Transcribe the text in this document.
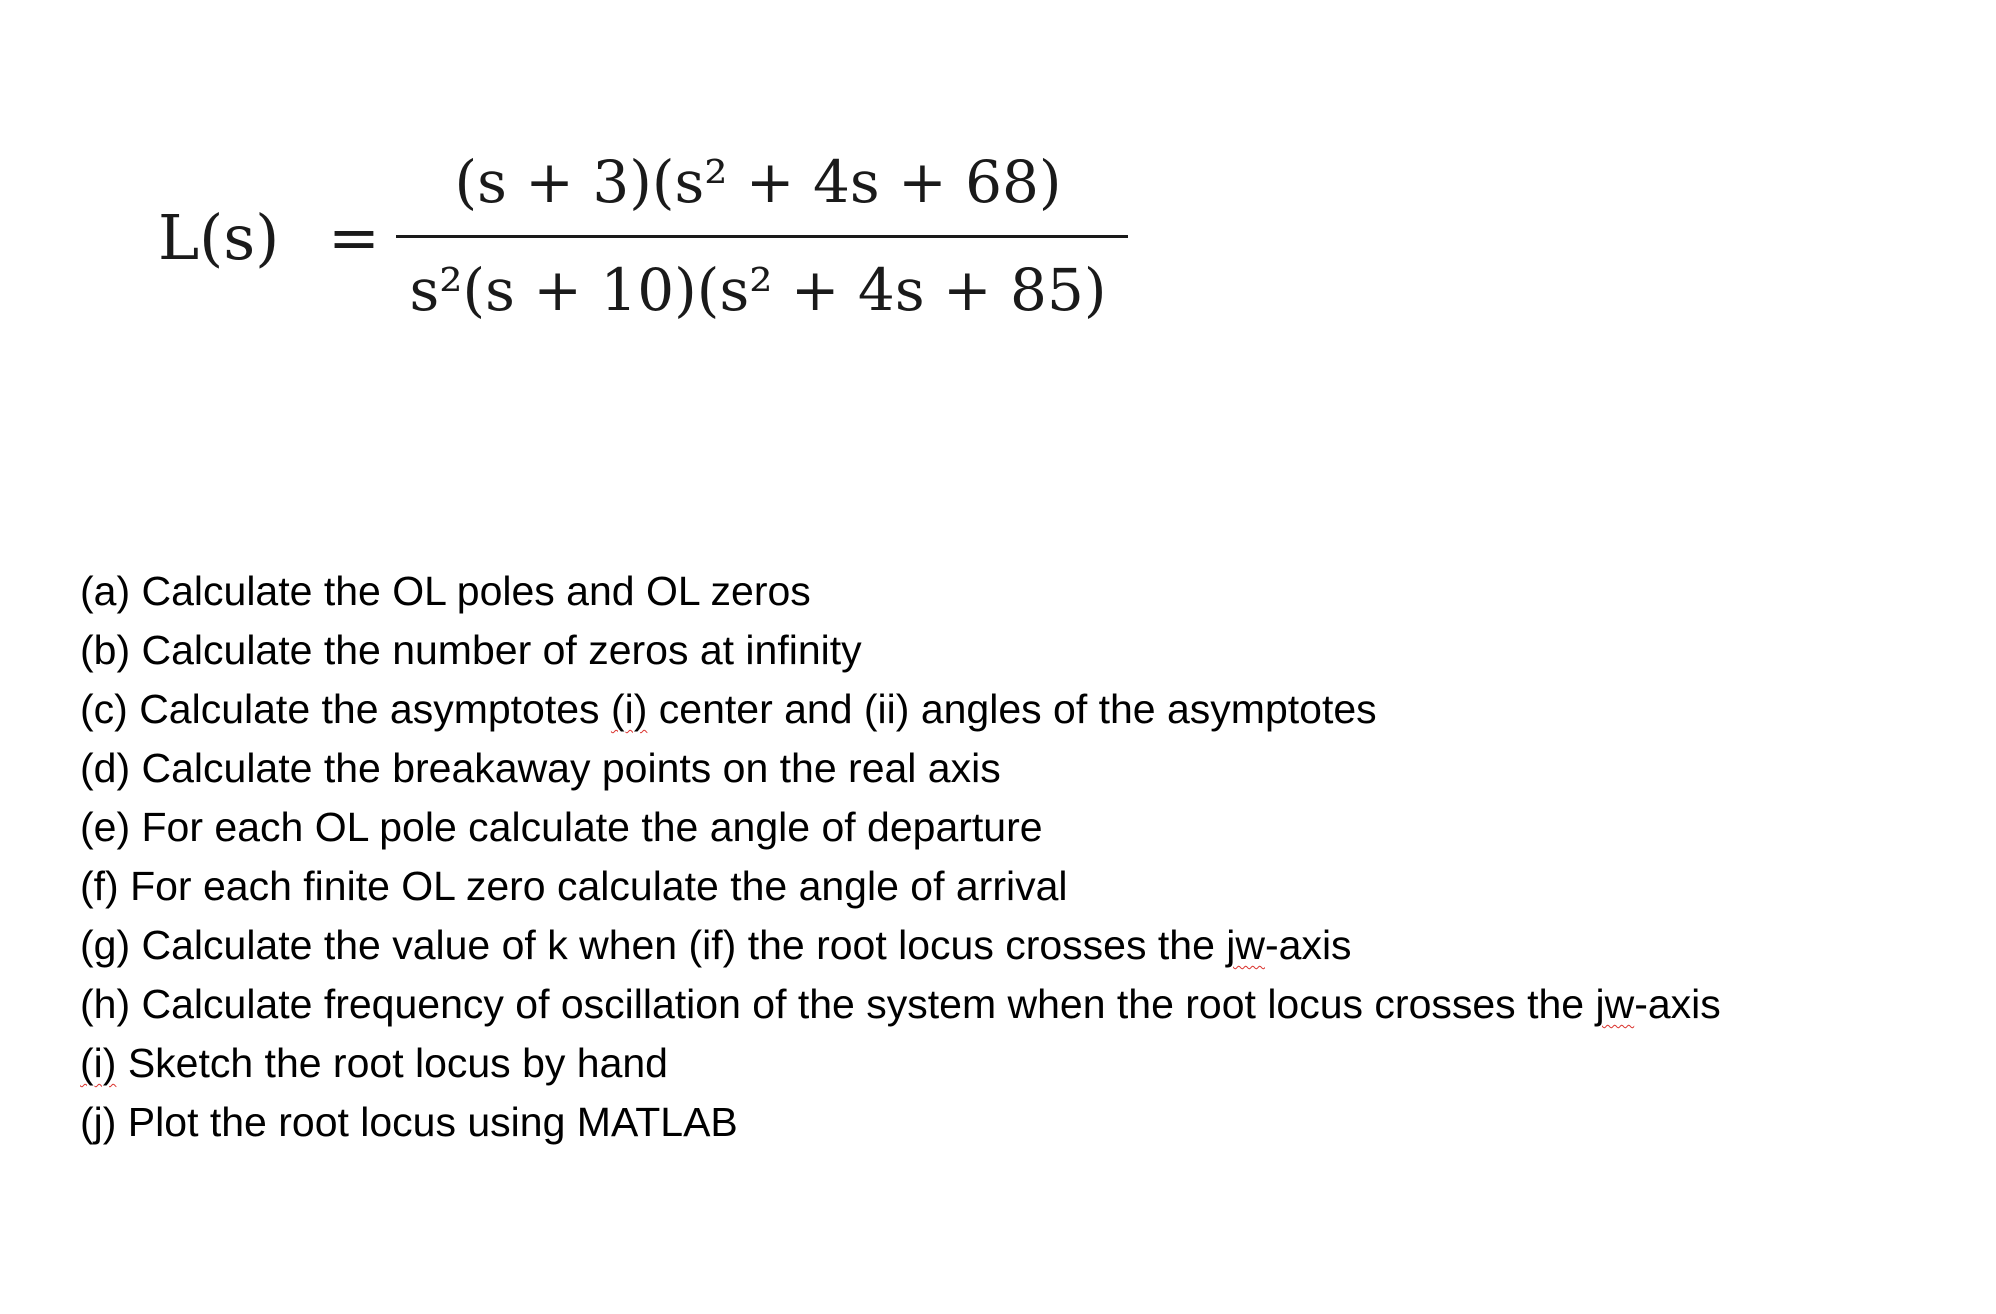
L(s) =
(s + 3)(s² + 4s + 68)
s²(s + 10)(s² + 4s + 85)
(a) Calculate the OL poles and OL zeros
(b) Calculate the number of zeros at infinity
(c) Calculate the asymptotes (i) center and (ii) angles of the asymptotes
(d) Calculate the breakaway points on the real axis
(e) For each OL pole calculate the angle of departure
(f) For each finite OL zero calculate the angle of arrival
(g) Calculate the value of k when (if) the root locus crosses the jw-axis
(h) Calculate frequency of oscillation of the system when the root locus crosses the jw-axis
(i) Sketch the root locus by hand
(j) Plot the root locus using MATLAB
